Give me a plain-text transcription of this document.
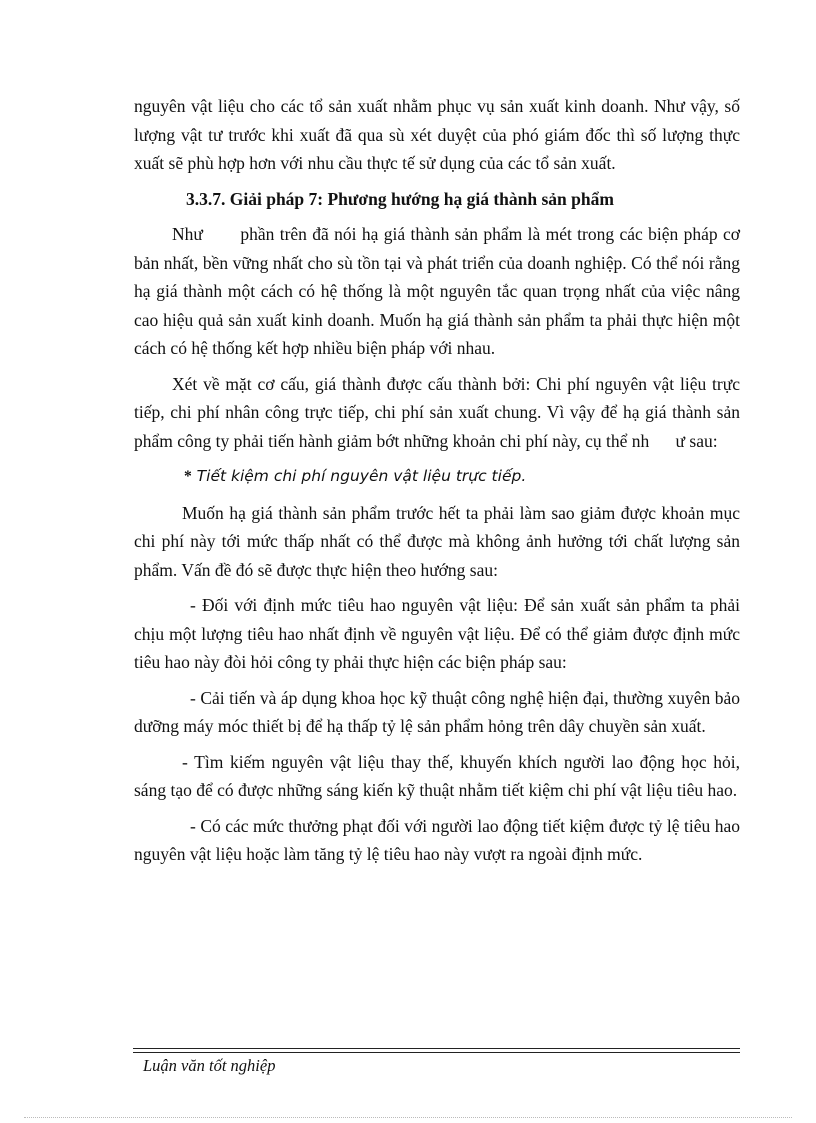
nguyên vật liệu cho các tổ sản xuất nhằm phục vụ sản xuất kinh doanh. Như vậy, số lượng vật tư trước khi xuất đã qua sù xét duyệt của phó giám đốc thì số lượng thực xuất sẽ phù hợp hơn với nhu cầu thực tế sử dụng của các tổ sản xuất.

3.3.7. Giải pháp 7: Phương hướng hạ giá thành sản phẩm

Như       phần trên đã nói hạ giá thành sản phẩm là mét trong các biện pháp cơ bản nhất, bền vững nhất cho sù tồn tại và phát triển của doanh nghiệp. Có thể nói rằng hạ giá thành một cách có hệ thống là một nguyên tắc quan trọng nhất của việc nâng cao hiệu quả sản xuất kinh doanh. Muốn hạ giá thành sản phẩm ta phải thực hiện một cách có hệ thống kết hợp nhiều biện pháp với nhau.

Xét về mặt cơ cấu, giá thành được cấu thành bởi: Chi phí nguyên vật liệu trực tiếp, chi phí nhân công trực tiếp, chi phí sản xuất chung. Vì vậy để hạ giá thành sản phẩm công ty phải tiến hành giảm bớt những khoản chi phí này, cụ thể nh      ư sau:

* Tiết kiệm chi phí nguyên vật liệu trực tiếp.

Muốn hạ giá thành sản phẩm trước hết ta phải làm sao giảm được khoản mục chi phí này tới mức thấp nhất có thể được mà không ảnh hưởng tới chất lượng sản phẩm. Vấn đề đó sẽ được thực hiện theo hướng sau:

- Đối với định mức tiêu hao nguyên vật liệu: Để sản xuất sản phẩm ta phải chịu một lượng tiêu hao nhất định về nguyên vật liệu. Để có thể giảm được định mức tiêu hao này đòi hỏi công ty phải thực hiện các biện pháp sau:

- Cải tiến và áp dụng khoa học kỹ thuật công nghệ hiện đại, thường xuyên bảo dưỡng máy móc thiết bị để hạ thấp tỷ lệ sản phẩm hỏng trên dây chuyền sản xuất.

- Tìm kiếm nguyên vật liệu thay thế, khuyến khích người lao động học hỏi, sáng tạo để có được những sáng kiến kỹ thuật nhằm tiết kiệm chi phí vật liệu tiêu hao.

- Có các mức thưởng phạt đối với người lao động tiết kiệm được tỷ lệ tiêu hao nguyên vật liệu hoặc làm tăng tỷ lệ tiêu hao này vượt ra ngoài định mức.

Luận văn tốt nghiệp
